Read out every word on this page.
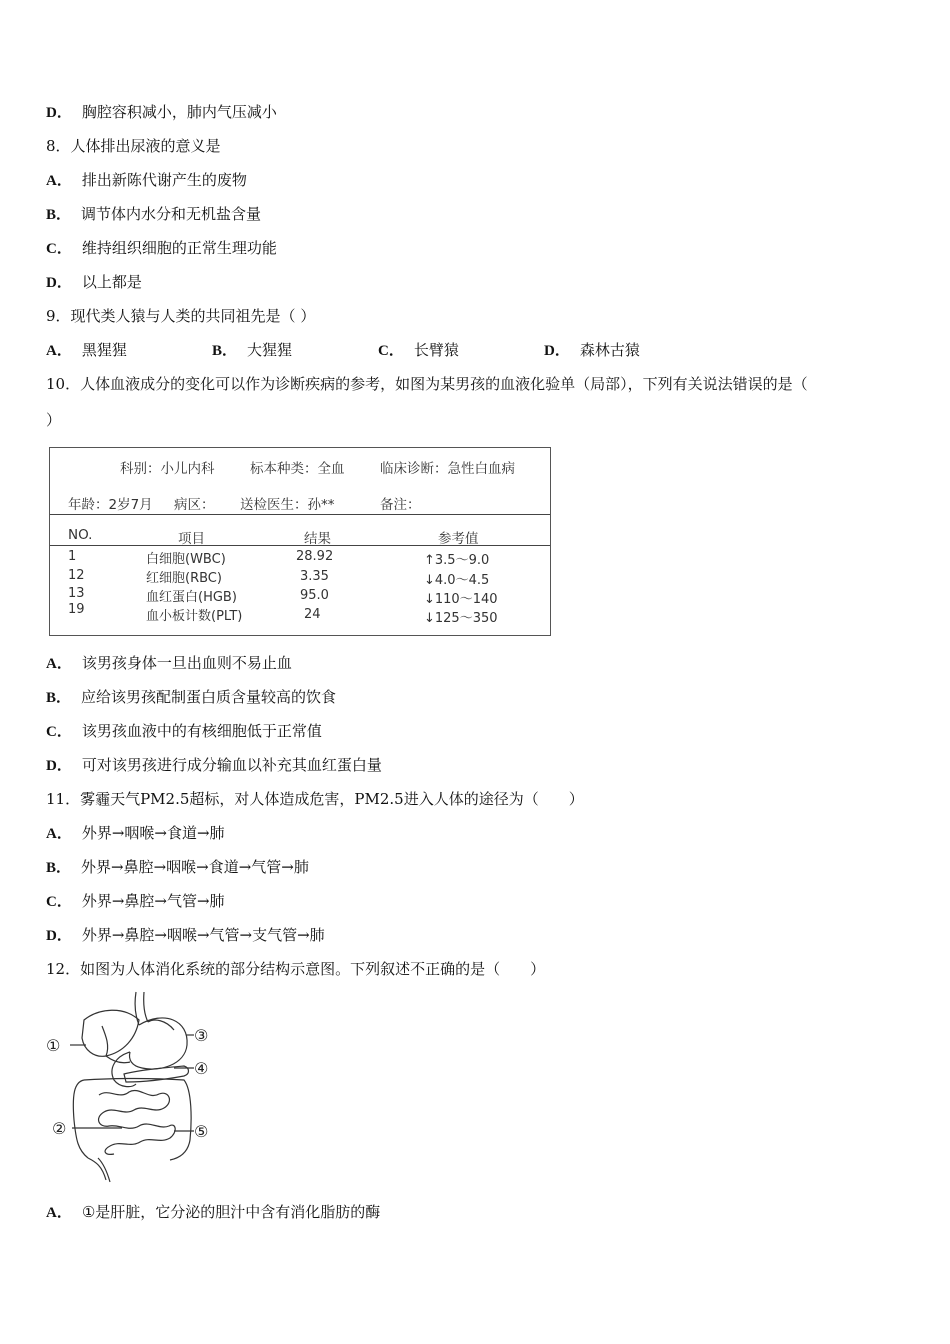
D． 胸腔容积减小，肺内气压减小
8．人体排出尿液的意义是
A． 排出新陈代谢产生的废物
B． 调节体内水分和无机盐含量
C． 维持组织细胞的正常生理功能
D． 以上都是
9．现代类人猿与人类的共同祖先是（ ）
A． 黑猩猩	B． 大猩猩	C． 长臂猿	D． 森林古猿
10．人体血液成分的变化可以作为诊断疾病的参考，如图为某男孩的血液化验单（局部），下列有关说法错误的是（
）
科别：小儿内科	标本种类：全血	临床诊断：急性白血病
年龄：2岁7月 病区： 送检医生：孙**	备注：
NO.	项目	结果	参考值
1	白细胞(WBC)	28.92	↑3.5～9.0
12	红细胞(RBC)	3.35	↓4.0～4.5
13	血红蛋白(HGB)	95.0	↓110～140
19	血小板计数(PLT)	24	↓125～350
A． 该男孩身体一旦出血则不易止血
B． 应给该男孩配制蛋白质含量较高的饮食
C． 该男孩血液中的有核细胞低于正常值
D． 可对该男孩进行成分输血以补充其血红蛋白量
11．雾霾天气PM2.5超标，对人体造成危害，PM2.5进入人体的途径为（　　）
A． 外界→咽喉→食道→肺
B． 外界→鼻腔→咽喉→食道→气管→肺
C． 外界→鼻腔→气管→肺
D． 外界→鼻腔→咽喉→气管→支气管→肺
12．如图为人体消化系统的部分结构示意图。下列叙述不正确的是（　　）
①
②
③
④
⑤
A． ①是肝脏，它分泌的胆汁中含有消化脂肪的酶
